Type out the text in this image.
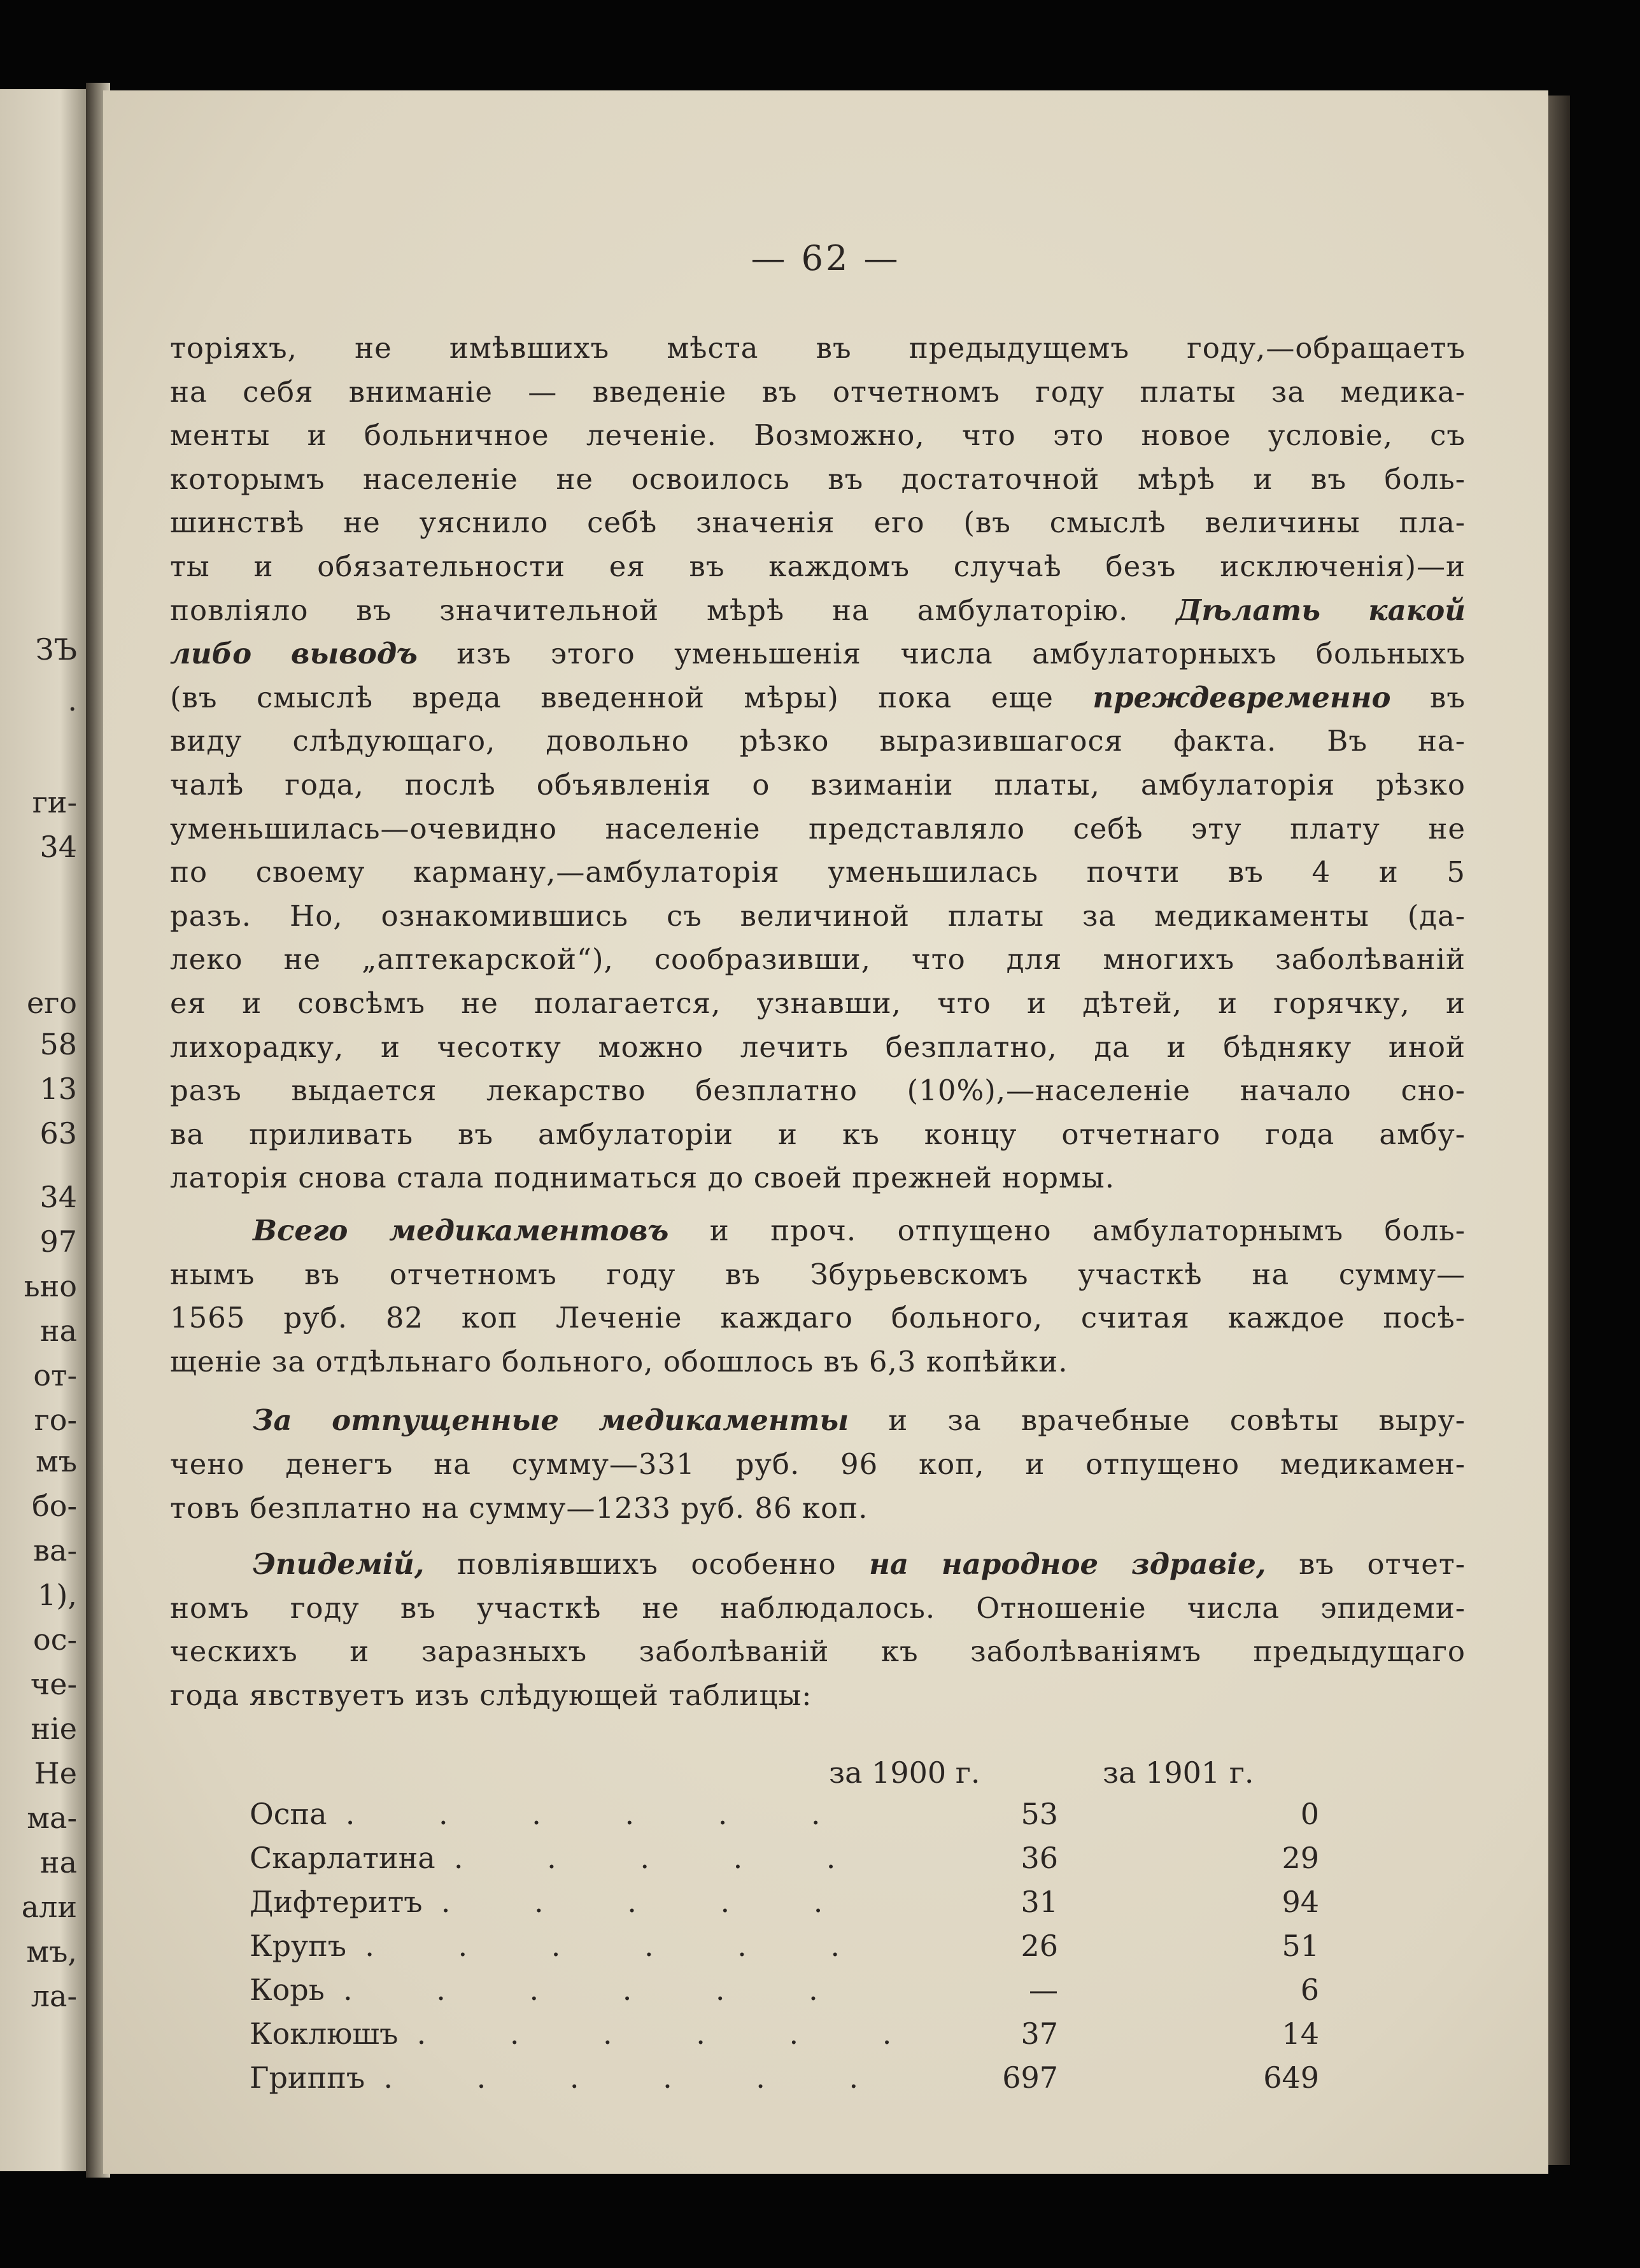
ЗЪ
.
ги-
34
его
58
13
63
34
97
ьно
на
от-
го-
мъ
бо-
ва-
1),
ос-
че-
ніе
Не
ма-
на
али
мъ,
ла-
— 62 —
торіяхъ, не имѣвшихъ мѣста въ предыдущемъ году,—обращаетъ
на себя вниманіе — введеніе въ отчетномъ году платы за медика-
менты и больничное леченіе. Возможно, что это новое условіе, съ
которымъ населеніе не освоилось въ достаточной мѣрѣ и въ боль-
шинствѣ не уяснило себѣ значенія его (въ смыслѣ величины пла-
ты и обязательности ея въ каждомъ случаѣ безъ исключенія)—и
повліяло въ значительной мѣрѣ на амбулаторію. Дѣлать какой
либо выводъ изъ этого уменьшенія числа амбулаторныхъ больныхъ
(въ смыслѣ вреда введенной мѣры) пока еще преждевременно въ
виду слѣдующаго, довольно рѣзко выразившагося факта. Въ на-
чалѣ года, послѣ объявленія о взиманіи платы, амбулаторія рѣзко
уменьшилась—очевидно населеніе представляло себѣ эту плату не
по своему карману,—амбулаторія уменьшилась почти въ 4 и 5
разъ. Но, ознакомившись съ величиной платы за медикаменты (да-
леко не „аптекарской“), сообразивши, что для многихъ заболѣваній
ея и совсѣмъ не полагается, узнавши, что и дѣтей, и горячку, и
лихорадку, и чесотку можно лечить безплатно, да и бѣдняку иной
разъ выдается лекарство безплатно (10%),—населеніе начало сно-
ва приливать въ амбулаторіи и къ концу отчетнаго года амбу-
латорія снова стала подниматься до своей прежней нормы.
Всего медикаментовъ и проч. отпущено амбулаторнымъ боль-
нымъ въ отчетномъ году въ Збурьевскомъ участкѣ на сумму—
1565 руб. 82 коп Леченіе каждаго больного, считая каждое посѣ-
щеніе за отдѣльнаго больного, обошлось въ 6,3 копѣйки.
За отпущенные медикаменты и за врачебные совѣты выру-
чено денегъ на сумму—331 руб. 96 коп, и отпущено медикамен-
товъ безплатно на сумму—1233 руб. 86 коп.
Эпидемій, повліявшихъ особенно на народное здравіе, въ отчет-
номъ году въ участкѣ не наблюдалось. Отношеніе числа эпидеми-
ческихъ и заразныхъ заболѣваній къ заболѣваніямъ предыдущаго
года явствуетъ изъ слѣдующей таблицы:
за 1900 г.	за 1901 г.
Оспа .	53	0
Скарлатина .	36	29
Дифтеритъ .	31	94
Крупъ .	26	51
Корь .	—	6
Коклюшъ .	37	14
Гриппъ .	697	649
